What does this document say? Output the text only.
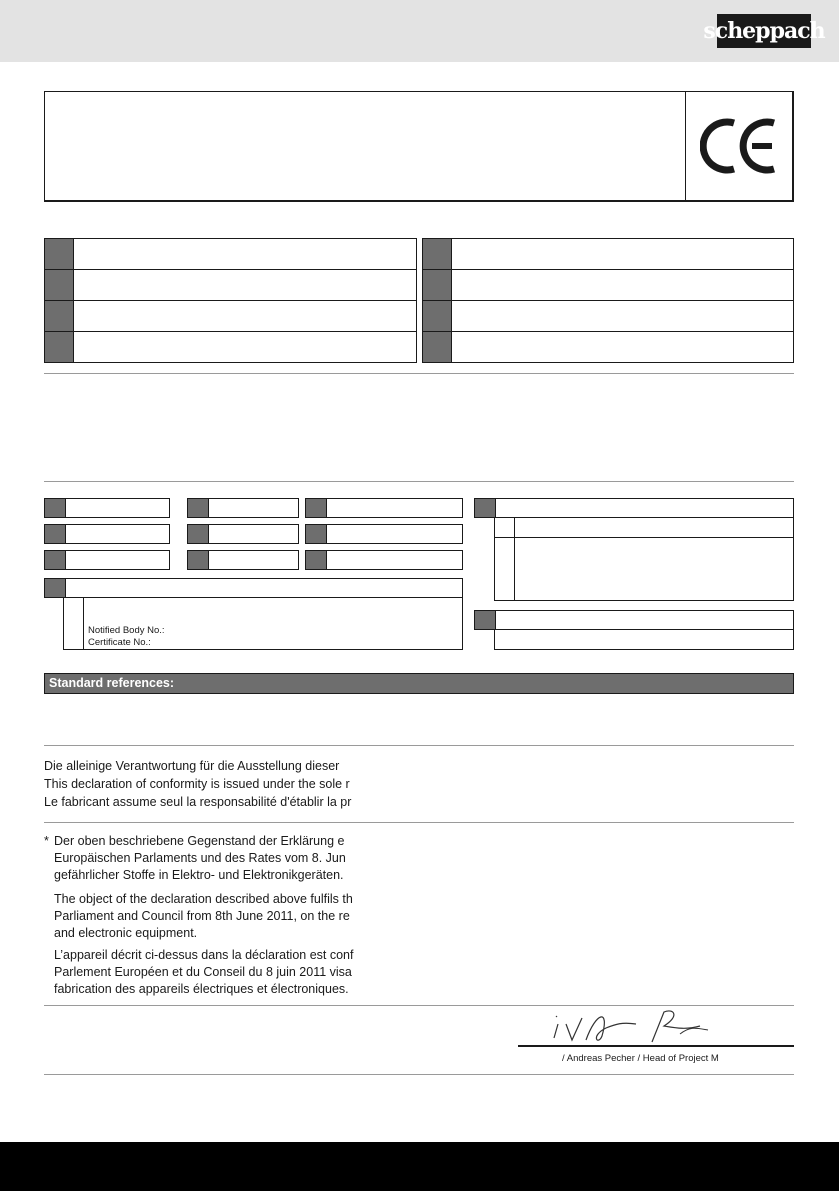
scheppach
Notified Body No.:
Certificate No.:
Standard references:
Die alleinige Verantwortung für die Ausstellung dieser
This declaration of conformity is issued under the sole r
Le fabricant assume seul la responsabilité d'établir la pr
* Der oben beschriebene Gegenstand der Erklärung e
Europäischen Parlaments und des Rates vom 8. Jun
gefährlicher Stoffe in Elektro- und Elektronikgeräten.
The object of the declaration described above fulfils th
Parliament and Council from 8th June 2011, on the re
and electronic equipment.
L’appareil décrit ci-dessus dans la déclaration est conf
Parlement Européen et du Conseil du 8 juin 2011 visa
fabrication des appareils électriques et électroniques.
/ Andreas Pecher / Head of Project M
